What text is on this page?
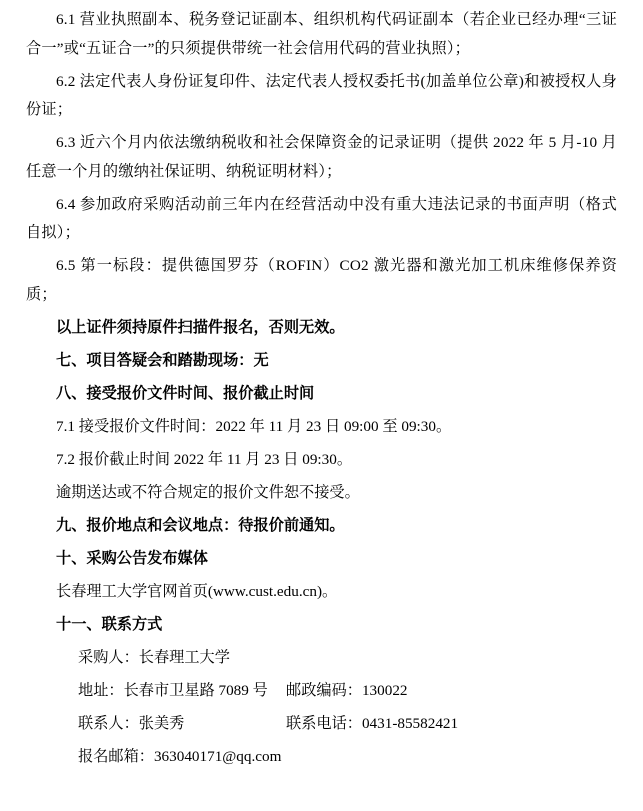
6.1 营业执照副本、税务登记证副本、组织机构代码证副本（若企业已经办理“三证合一”或“五证合一”的只须提供带统一社会信用代码的营业执照）；

6.2 法定代表人身份证复印件、法定代表人授权委托书(加盖单位公章)和被授权人身份证；

6.3 近六个月内依法缴纳税收和社会保障资金的记录证明（提供 2022 年 5 月-10 月任意一个月的缴纳社保证明、纳税证明材料）；

6.4 参加政府采购活动前三年内在经营活动中没有重大违法记录的书面声明（格式自拟）；

6.5 第一标段：提供德国罗芬（ROFIN）CO2 激光器和激光加工机床维修保养资质；

以上证件须持原件扫描件报名，否则无效。

七、项目答疑会和踏勘现场：无

八、接受报价文件时间、报价截止时间

7.1 接受报价文件时间：2022 年 11 月 23 日 09:00 至 09:30。

7.2 报价截止时间 2022 年 11 月 23 日 09:30。

逾期送达或不符合规定的报价文件恕不接受。

九、报价地点和会议地点：待报价前通知。

十、采购公告发布媒体

长春理工大学官网首页(www.cust.edu.cn)。

十一、联系方式

采购人：长春理工大学

地址：长春市卫星路 7089 号	邮政编码：130022
联系人：张美秀	联系电话：0431-85582421

报名邮箱：363040171@qq.com
